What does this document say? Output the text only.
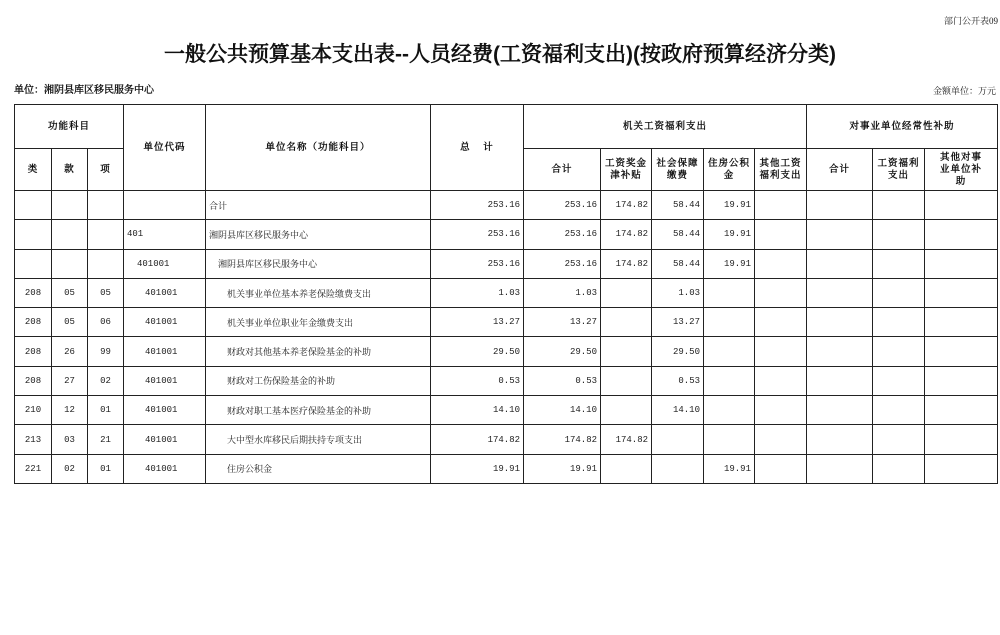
部门公开表09
一般公共预算基本支出表--人员经费(工资福利支出)(按政府预算经济分类)
单位：湘阴县库区移民服务中心	金额单位：万元
功能科目			单位代码	单位名称（功能科目）	总 计	机关工资福利支出					对事业单位经常性补助		
类	款	项				合计	工资奖金津补贴	社会保障缴费	住房公积金	其他工资福利支出	合计	工资福利支出	其他对事业单位补助
				合计	253.16	253.16	174.82	58.44	19.91				
			401	湘阴县库区移民服务中心	253.16	253.16	174.82	58.44	19.91				
			401001	湘阴县库区移民服务中心	253.16	253.16	174.82	58.44	19.91				
208	05	05	401001	机关事业单位基本养老保险缴费支出	1.03	1.03		1.03					
208	05	06	401001	机关事业单位职业年金缴费支出	13.27	13.27		13.27					
208	26	99	401001	财政对其他基本养老保险基金的补助	29.50	29.50		29.50					
208	27	02	401001	财政对工伤保险基金的补助	0.53	0.53		0.53					
210	12	01	401001	财政对职工基本医疗保险基金的补助	14.10	14.10		14.10					
213	03	21	401001	大中型水库移民后期扶持专项支出	174.82	174.82	174.82						
221	02	01	401001	住房公积金	19.91	19.91			19.91				
